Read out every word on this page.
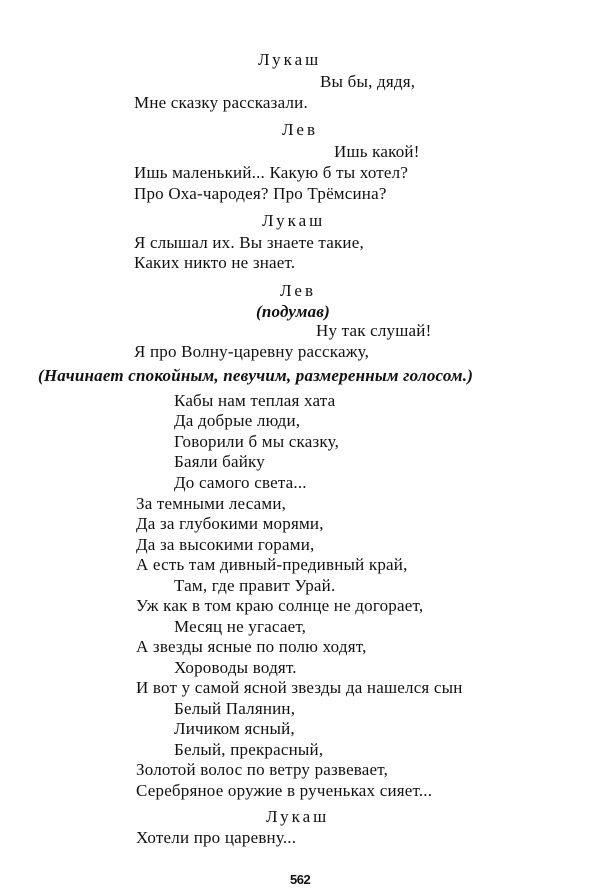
Лукаш
Вы бы, дядя,
Мне сказку рассказали.
Лев
Ишь какой!
Ишь маленький... Какую б ты хотел?
Про Оха-чародея? Про Трёмсина?
Лукаш
Я слышал их. Вы знаете такие,
Каких никто не знает.
Лев
(подумав)
Ну так слушай!
Я про Волну-царевну расскажу,
(Начинает спокойным, певучим, размеренным голосом.)
Кабы нам теплая хата
Да добрые люди,
Говорили б мы сказку,
Баяли байку
До самого света...
За темными лесами,
Да за глубокими морями,
Да за высокими горами,
А есть там дивный-предивный край,
Там, где правит Урай.
Уж как в том краю солнце не догорает,
Месяц не угасает,
А звезды ясные по полю ходят,
Хороводы водят.
И вот у самой ясной звезды да нашелся сын
Белый Палянин,
Личиком ясный,
Белый, прекрасный,
Золотой волос по ветру развевает,
Серебряное оружие в рученьках сияет...
Лукаш
Хотели про царевну...
562
